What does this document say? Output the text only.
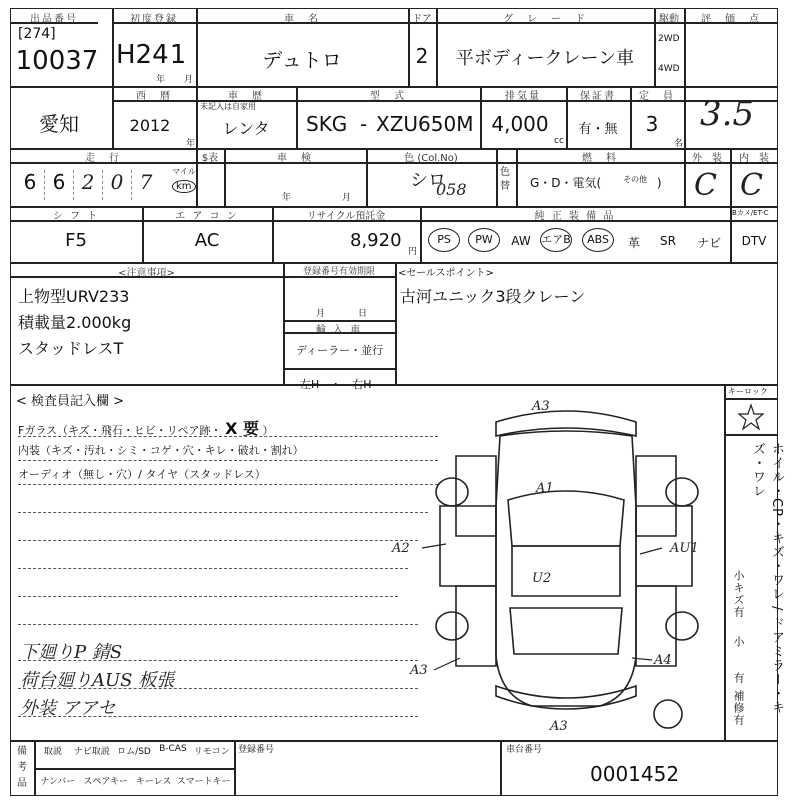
出品番号
[274]
10037
初度登録
H24 1
年 月
車　名
デュトロ
ドア
2
グ　レ　ー　ド
平ボディークレーン車
駆動
2WD
4WD
評　価　点
3.5
愛知
西　暦
2012
年
車　歴
未記入は自家用
レンタ
型　式
SKG - XZU650M
排気量
4,000
cc
保証書
有・無
定　員
3
名
走　行
6 6 2 0 7	マイル
km
$表	車　検
年	月
色 (Col.No)
シロ
058
色替
燃　料
G・D・電気(	$^{その他}$ )
外　装
C
内　装
C
シ フ ト
F5
エ ア コ ン
AC
リサイクル預託金
8,920
円
純 正 装 備 品	Bカメ/ET-C
PS	PW	AW エアB	ABS	革	SR	ナビ	DTV
<注意事項>
上物型URV233
積載量2.000kg
スタッドレスT
登録番号有効期限
月	日
輸 入 車
ディーラー・並行
左H　・　右H
<セールスポイント>
古河ユニック3段クレーン
< 検査員記入欄 >
Fガラス（キズ・飛石・ヒビ・リペア跡・ X 要 ）
内装（キズ・汚れ・シミ・コゲ・穴・キレ・破れ・割れ）
オーディオ（無し・穴）/ タイヤ（スタッドレス）
下廻りP 錆S
荷台廻りAUS 板張
外装 アアセ
キーロック
ホイル・CP・キズ・ワレ / ドアミラー・キズ・ワレ
小キズ有
小　　有
補修有
A3
A1
A2	AU1
U2
A3
A4
A3
備考品
取説	ナビ取説 ロム/SD B-CAS リモコン
ナンバー スペアキー キーレス スマートキー
登録番号	車台番号
0001452
